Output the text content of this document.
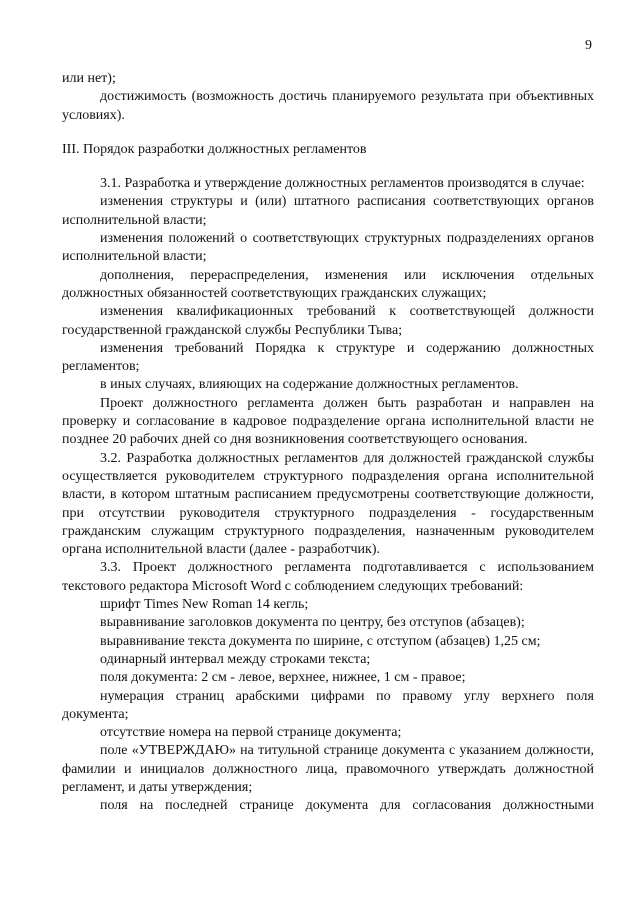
9

или нет);

достижимость (возможность достичь планируемого результата при объективных условиях).

III. Порядок разработки должностных регламентов

3.1. Разработка и утверждение должностных регламентов производятся в случае:

изменения структуры и (или) штатного расписания соответствующих органов исполнительной власти;

изменения положений о соответствующих структурных подразделениях органов исполнительной власти;

дополнения, перераспределения, изменения или исключения отдельных должностных обязанностей соответствующих гражданских служащих;

изменения квалификационных требований к соответствующей должности государственной гражданской службы Республики Тыва;

изменения требований Порядка к структуре и содержанию должностных регламентов;

в иных случаях, влияющих на содержание должностных регламентов.

Проект должностного регламента должен быть разработан и направлен на проверку и согласование в кадровое подразделение органа исполнительной власти не позднее 20 рабочих дней со дня возникновения соответствующего основания.

3.2. Разработка должностных регламентов для должностей гражданской службы осуществляется руководителем структурного подразделения органа исполнительной власти, в котором штатным расписанием предусмотрены соответствующие должности, при отсутствии руководителя структурного подразделения - государственным гражданским служащим структурного подразделения, назначенным руководителем органа исполнительной власти (далее - разработчик).

3.3. Проект должностного регламента подготавливается с использованием текстового редактора Microsoft Word с соблюдением следующих требований:

шрифт Times New Roman 14 кегль;

выравнивание заголовков документа по центру, без отступов (абзацев);

выравнивание текста документа по ширине, с отступом (абзацев) 1,25 см;

одинарный интервал между строками текста;

поля документа: 2 см - левое, верхнее, нижнее, 1 см - правое;

нумерация страниц арабскими цифрами по правому углу верхнего поля документа;

отсутствие номера на первой странице документа;

поле «УТВЕРЖДАЮ» на титульной странице документа с указанием должности, фамилии и инициалов должностного лица, правомочного утверждать должностной регламент, и даты утверждения;

поля на последней странице документа для согласования должностными
